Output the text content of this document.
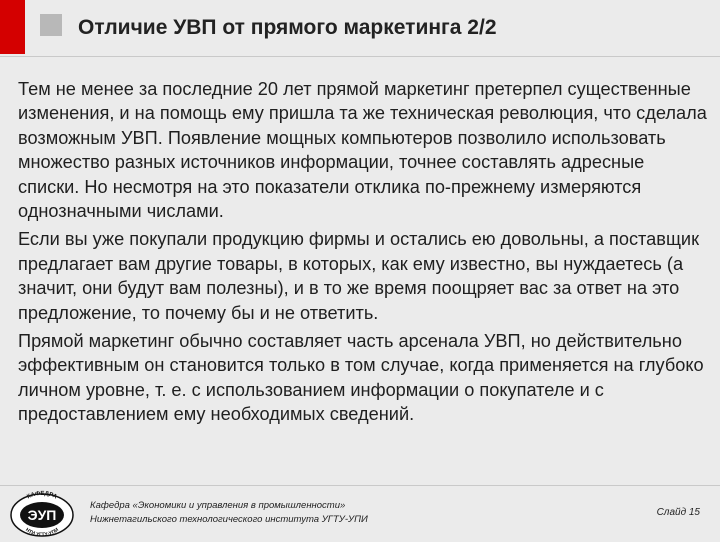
Отличие УВП от прямого маркетинга 2/2

Тем не менее за последние 20 лет прямой маркетинг претерпел существенные изменения, и на помощь ему пришла та же техническая революция, что сделала возможным УВП. Появление мощных компьютеров позволило использовать множество разных источников информации, точнее составлять адресные списки. Но несмотря на это показатели отклика по-прежнему измеряются однозначными числами.

Если вы уже покупали продукцию фирмы и остались ею довольны, а поставщик предлагает вам другие товары, в которых, как ему известно, вы нуждаетесь (а значит, они будут вам полезны), и в то же время поощряет вас за ответ на это предложение, то почему бы и не ответить.

Прямой маркетинг обычно составляет часть арсенала УВП, но действительно эффективным он становится только в том случае, когда применяется на глубоко личном уровне, т. е. с использованием информации о покупателе и с предоставлением ему необходимых сведений.

КАФЕДРА
НТИ УГТУ-УПИ
ЭУП
Кафедра «Экономики и управления в промышленности»
Нижнетагильского технологического института УГТУ-УПИ
Слайд 15
